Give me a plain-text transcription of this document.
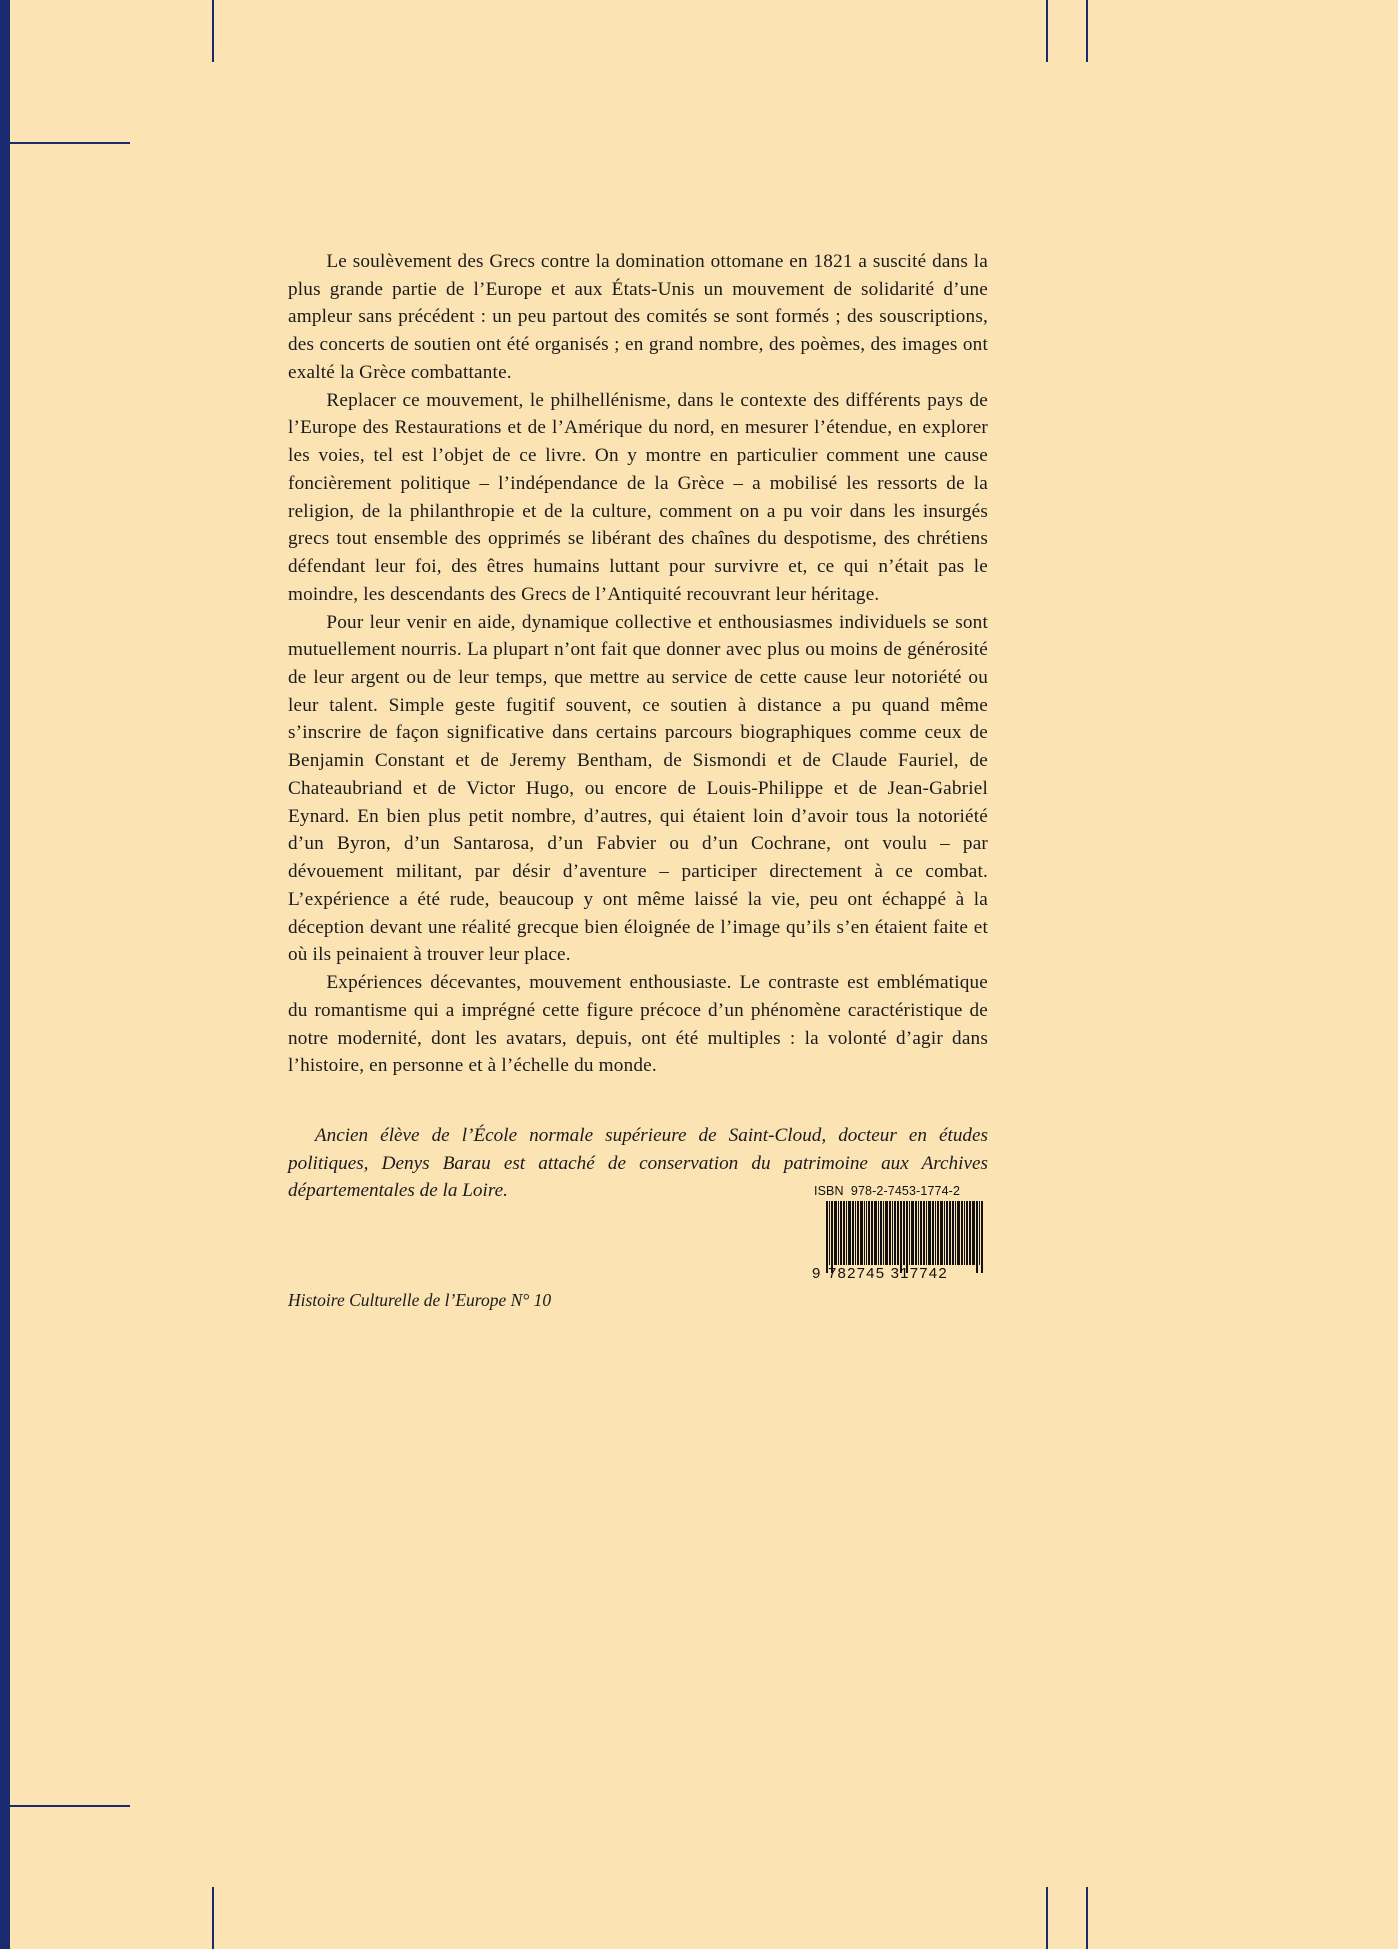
Le soulèvement des Grecs contre la domination ottomane en 1821 a suscité dans la plus grande partie de l’Europe et aux États-Unis un mouvement de solidarité d’une ampleur sans précédent : un peu partout des comités se sont formés ; des souscriptions, des concerts de soutien ont été organisés ; en grand nombre, des poèmes, des images ont exalté la Grèce combattante.

Replacer ce mouvement, le philhellénisme, dans le contexte des différents pays de l’Europe des Restaurations et de l’Amérique du nord, en mesurer l’étendue, en explorer les voies, tel est l’objet de ce livre. On y montre en particulier comment une cause foncièrement politique – l’indépendance de la Grèce – a mobilisé les ressorts de la religion, de la philanthropie et de la culture, comment on a pu voir dans les insurgés grecs tout ensemble des opprimés se libérant des chaînes du despotisme, des chrétiens défendant leur foi, des êtres humains luttant pour survivre et, ce qui n’était pas le moindre, les descendants des Grecs de l’Antiquité recouvrant leur héritage.

Pour leur venir en aide, dynamique collective et enthousiasmes individuels se sont mutuellement nourris. La plupart n’ont fait que donner avec plus ou moins de générosité de leur argent ou de leur temps, que mettre au service de cette cause leur notoriété ou leur talent. Simple geste fugitif souvent, ce soutien à distance a pu quand même s’inscrire de façon significative dans certains parcours biographiques comme ceux de Benjamin Constant et de Jeremy Bentham, de Sismondi et de Claude Fauriel, de Chateaubriand et de Victor Hugo, ou encore de Louis-Philippe et de Jean-Gabriel Eynard. En bien plus petit nombre, d’autres, qui étaient loin d’avoir tous la notoriété d’un Byron, d’un Santarosa, d’un Fabvier ou d’un Cochrane, ont voulu – par dévouement militant, par désir d’aventure – participer directement à ce combat. L’expérience a été rude, beaucoup y ont même laissé la vie, peu ont échappé à la déception devant une réalité grecque bien éloignée de l’image qu’ils s’en étaient faite et où ils peinaient à trouver leur place.

Expériences décevantes, mouvement enthousiaste. Le contraste est emblématique du romantisme qui a imprégné cette figure précoce d’un phénomène caractéristique de notre modernité, dont les avatars, depuis, ont été multiples : la volonté d’agir dans l’histoire, en personne et à l’échelle du monde.

Ancien élève de l’École normale supérieure de Saint-Cloud, docteur en études politiques, Denys Barau est attaché de conservation du patrimoine aux Archives départementales de la Loire.

Histoire Culturelle de l’Europe N° 10
ISBN 978-2-7453-1774-2
9 782745 317742
